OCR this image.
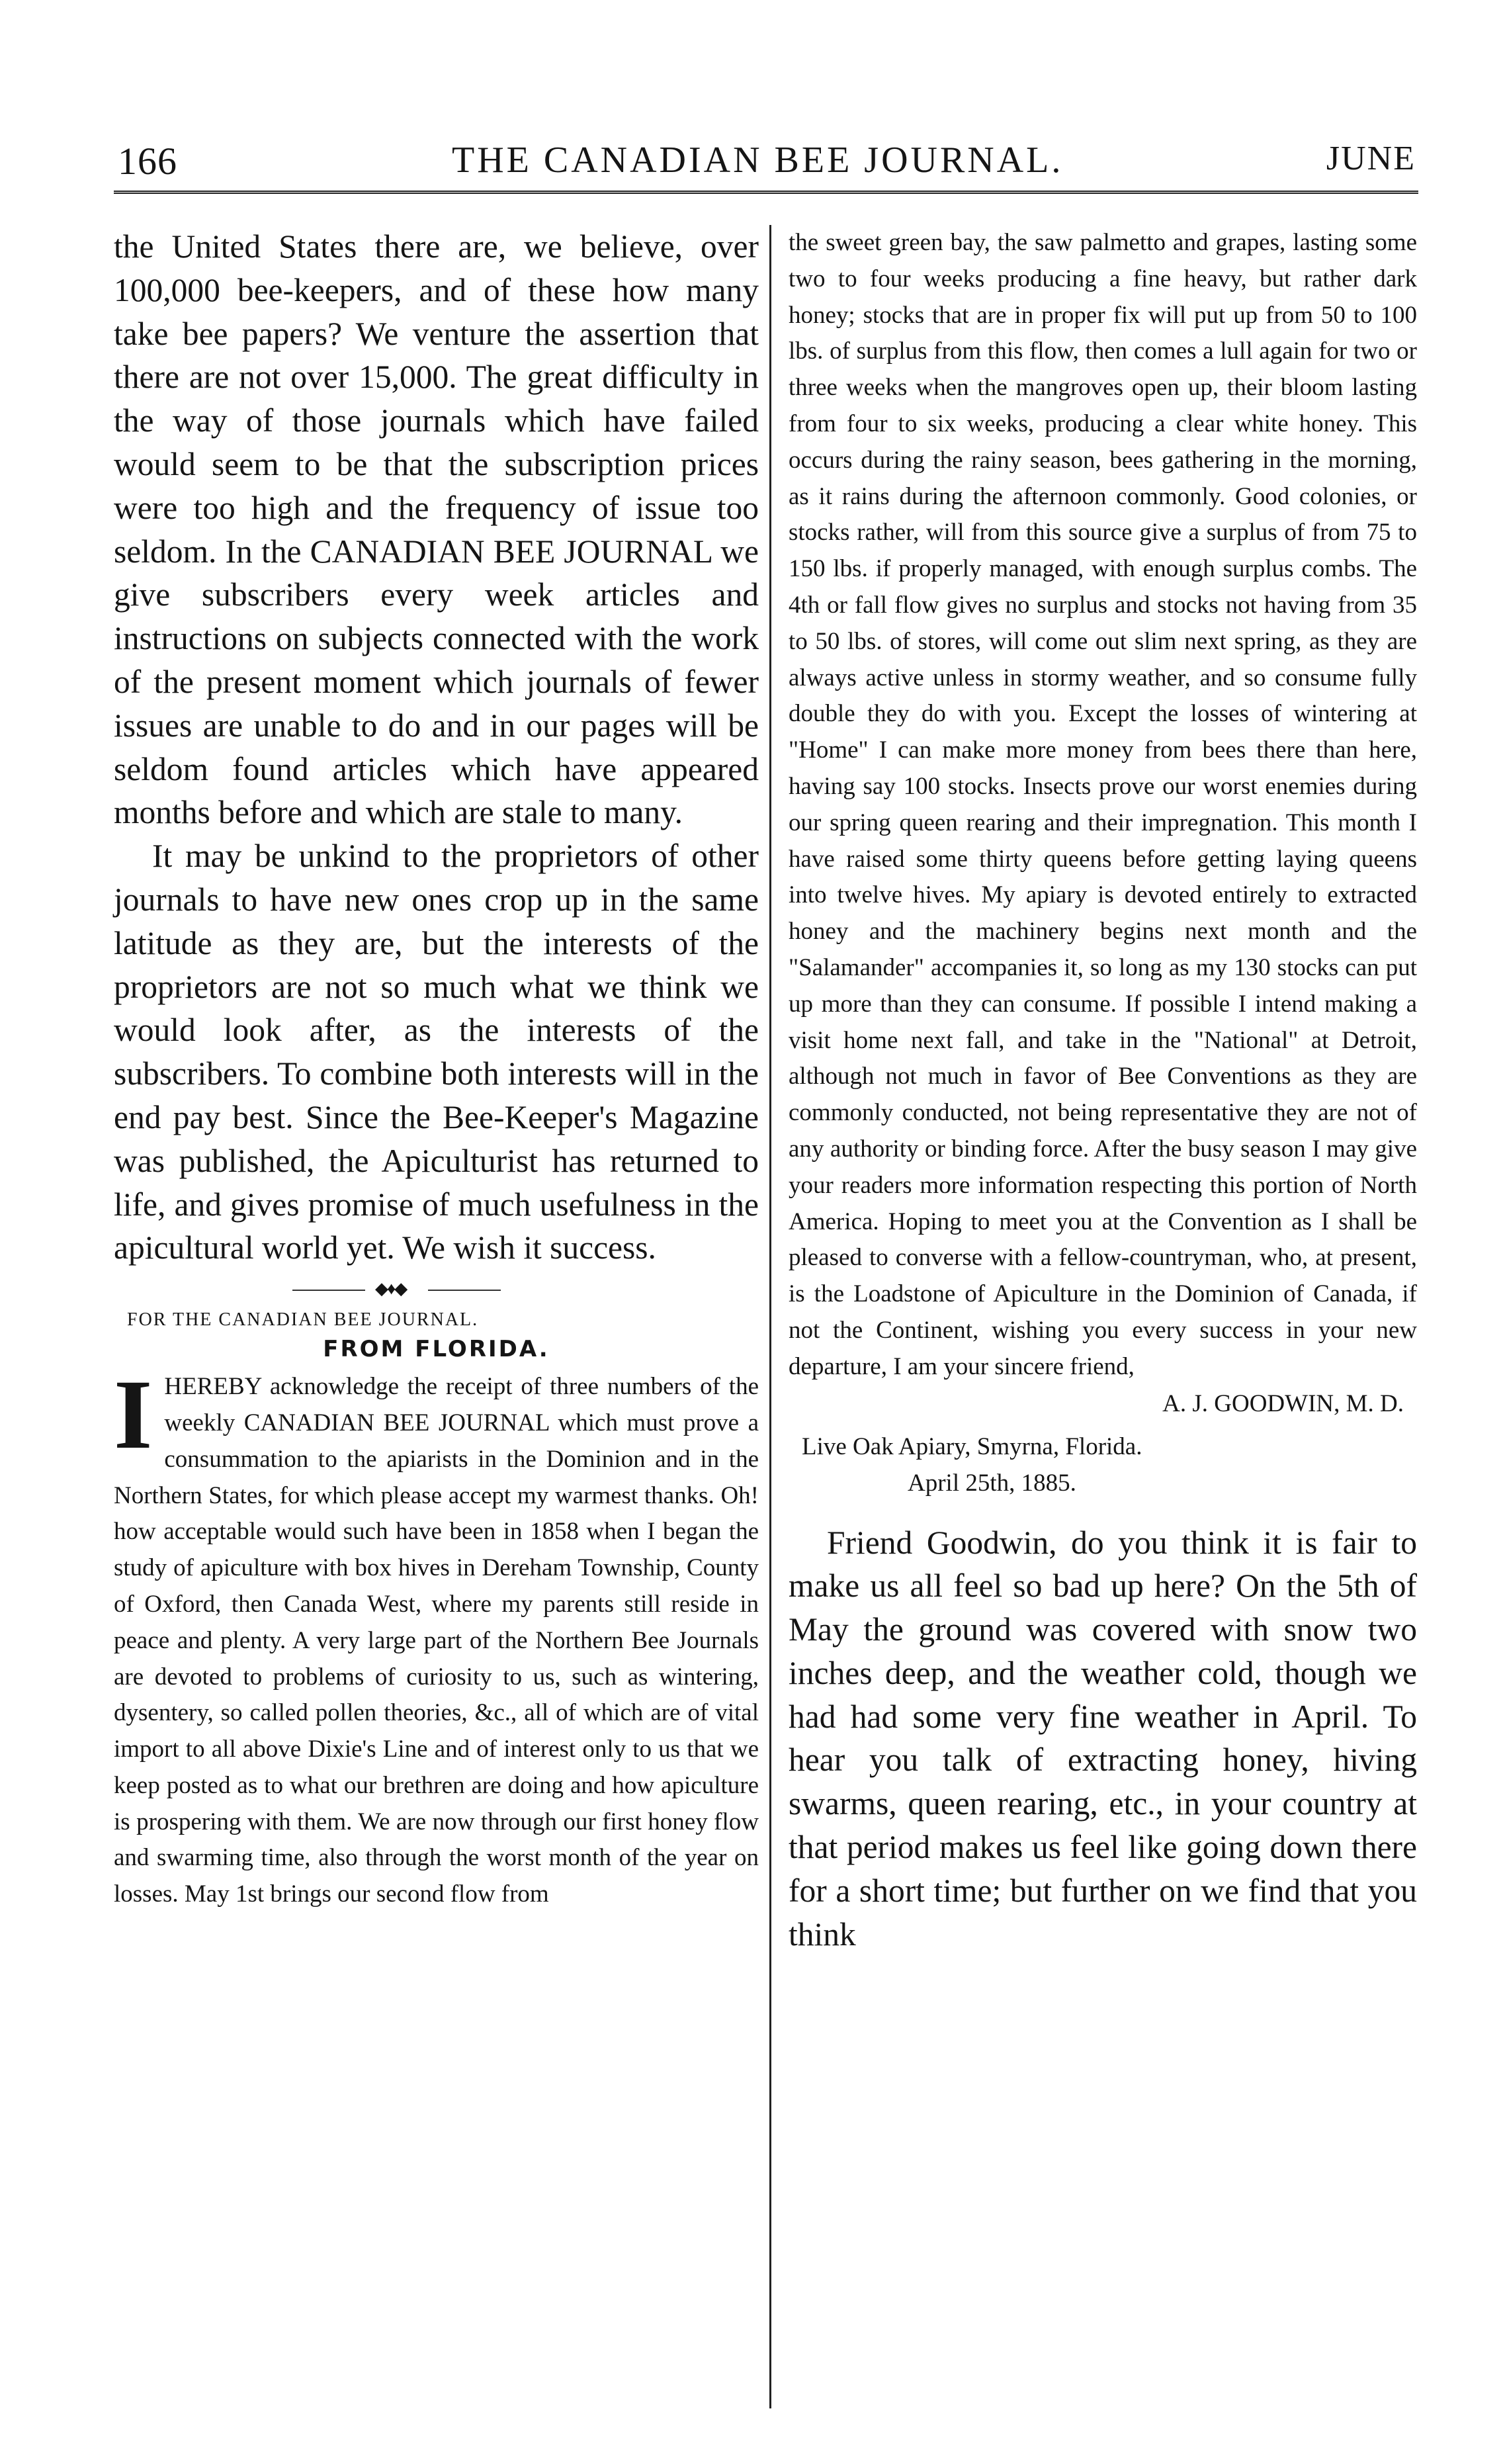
166	THE CANADIAN BEE JOURNAL.	JUNE

the United States there are, we believe, over 100,000 bee-keepers, and of these how many take bee papers? We venture the assertion that there are not over 15,000. The great difficulty in the way of those journals which have failed would seem to be that the subscription prices were too high and the frequency of issue too seldom. In the CANADIAN BEE JOURNAL we give subscribers every week articles and instructions on subjects connected with the work of the present moment which journals of fewer issues are unable to do and in our pages will be seldom found articles which have appeared months before and which are stale to many.

It may be unkind to the proprietors of other journals to have new ones crop up in the same latitude as they are, but the interests of the proprietors are not so much what we think we would look after, as the interests of the subscribers. To combine both interests will in the end pay best. Since the Bee-Keeper's Magazine was published, the Apiculturist has returned to life, and gives promise of much usefulness in the apicultural world yet. We wish it success.

◆♦◆

FOR THE CANADIAN BEE JOURNAL.

FROM FLORIDA.

I HEREBY acknowledge the receipt of three numbers of the weekly CANADIAN BEE JOURNAL which must prove a consummation to the apiarists in the Dominion and in the Northern States, for which please accept my warmest thanks. Oh! how acceptable would such have been in 1858 when I began the study of apiculture with box hives in Dereham Township, County of Oxford, then Canada West, where my parents still reside in peace and plenty. A very large part of the Northern Bee Journals are devoted to problems of curiosity to us, such as wintering, dysentery, so called pollen theories, &c., all of which are of vital import to all above Dixie's Line and of interest only to us that we keep posted as to what our brethren are doing and how apiculture is prospering with them. We are now through our first honey flow and swarming time, also through the worst month of the year on losses. May 1st brings our second flow from

the sweet green bay, the saw palmetto and grapes, lasting some two to four weeks producing a fine heavy, but rather dark honey; stocks that are in proper fix will put up from 50 to 100 lbs. of surplus from this flow, then comes a lull again for two or three weeks when the mangroves open up, their bloom lasting from four to six weeks, producing a clear white honey. This occurs during the rainy season, bees gathering in the morning, as it rains during the afternoon commonly. Good colonies, or stocks rather, will from this source give a surplus of from 75 to 150 lbs. if properly managed, with enough surplus combs. The 4th or fall flow gives no surplus and stocks not having from 35 to 50 lbs. of stores, will come out slim next spring, as they are always active unless in stormy weather, and so consume fully double they do with you. Except the losses of wintering at "Home" I can make more money from bees there than here, having say 100 stocks. Insects prove our worst enemies during our spring queen rearing and their impregnation. This month I have raised some thirty queens before getting laying queens into twelve hives. My apiary is devoted entirely to extracted honey and the machinery begins next month and the "Salamander" accompanies it, so long as my 130 stocks can put up more than they can consume. If possible I intend making a visit home next fall, and take in the "National" at Detroit, although not much in favor of Bee Conventions as they are commonly conducted, not being representative they are not of any authority or binding force. After the busy season I may give your readers more information respecting this portion of North America. Hoping to meet you at the Convention as I shall be pleased to converse with a fellow-countryman, who, at present, is the Loadstone of Apiculture in the Dominion of Canada, if not the Continent, wishing you every success in your new departure, I am your sincere friend,

A. J. GOODWIN, M. D.

Live Oak Apiary, Smyrna, Florida.

April 25th, 1885.

Friend Goodwin, do you think it is fair to make us all feel so bad up here? On the 5th of May the ground was covered with snow two inches deep, and the weather cold, though we had had some very fine weather in April. To hear you talk of extracting honey, hiving swarms, queen rearing, etc., in your country at that period makes us feel like going down there for a short time; but further on we find that you think
